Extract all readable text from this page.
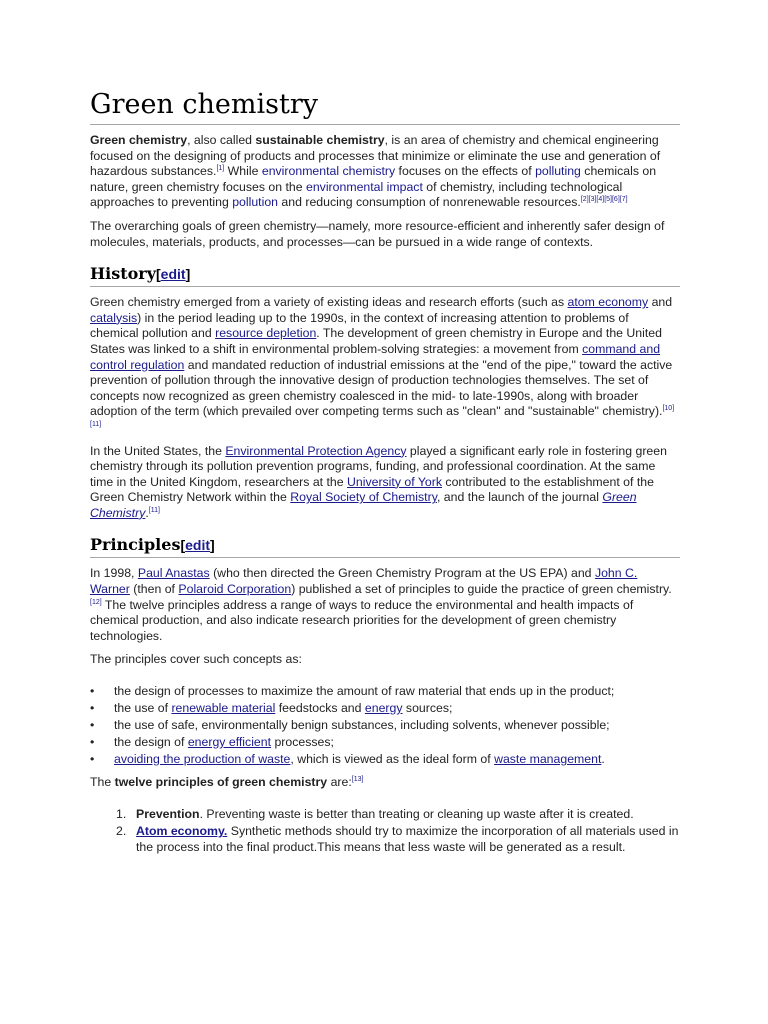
Green chemistry

Green chemistry, also called sustainable chemistry, is an area of chemistry and chemical engineering focused on the designing of products and processes that minimize or eliminate the use and generation of hazardous substances.[1] While environmental chemistry focuses on the effects of polluting chemicals on nature, green chemistry focuses on the environmental impact of chemistry, including technological approaches to preventing pollution and reducing consumption of nonrenewable resources.[2][3][4][5][6][7]

The overarching goals of green chemistry—namely, more resource-efficient and inherently safer design of molecules, materials, products, and processes—can be pursued in a wide range of contexts.

History[edit]

Green chemistry emerged from a variety of existing ideas and research efforts (such as atom economy and catalysis) in the period leading up to the 1990s, in the context of increasing attention to problems of chemical pollution and resource depletion. The development of green chemistry in Europe and the United States was linked to a shift in environmental problem-solving strategies: a movement from command and control regulation and mandated reduction of industrial emissions at the "end of the pipe," toward the active prevention of pollution through the innovative design of production technologies themselves. The set of concepts now recognized as green chemistry coalesced in the mid- to late-1990s, along with broader adoption of the term (which prevailed over competing terms such as "clean" and "sustainable" chemistry).[10][11]

In the United States, the Environmental Protection Agency played a significant early role in fostering green chemistry through its pollution prevention programs, funding, and professional coordination. At the same time in the United Kingdom, researchers at the University of York contributed to the establishment of the Green Chemistry Network within the Royal Society of Chemistry, and the launch of the journal Green Chemistry.[11]

Principles[edit]

In 1998, Paul Anastas (who then directed the Green Chemistry Program at the US EPA) and John C. Warner (then of Polaroid Corporation) published a set of principles to guide the practice of green chemistry.[12] The twelve principles address a range of ways to reduce the environmental and health impacts of chemical production, and also indicate research priorities for the development of green chemistry technologies.

The principles cover such concepts as:

• the design of processes to maximize the amount of raw material that ends up in the product;
• the use of renewable material feedstocks and energy sources;
• the use of safe, environmentally benign substances, including solvents, whenever possible;
• the design of energy efficient processes;
• avoiding the production of waste, which is viewed as the ideal form of waste management.

The twelve principles of green chemistry are:[13]

1. Prevention. Preventing waste is better than treating or cleaning up waste after it is created.
2. Atom economy. Synthetic methods should try to maximize the incorporation of all materials used in the process into the final product.This means that less waste will be generated as a result.
